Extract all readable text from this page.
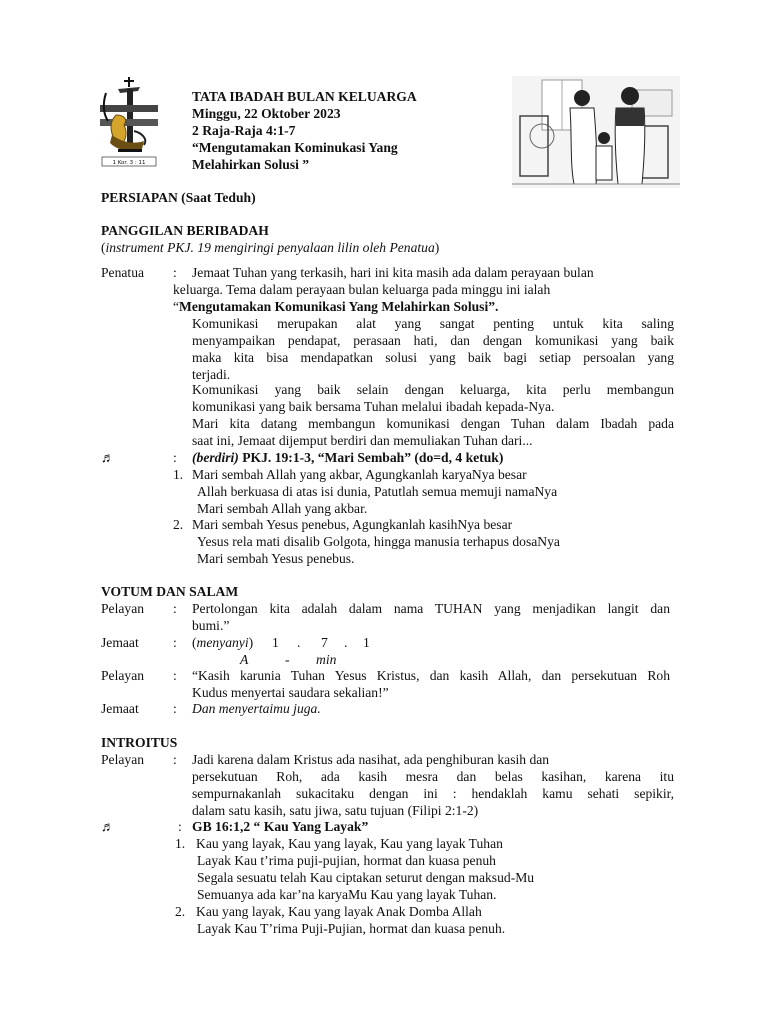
1 Kor. 3 : 11
TATA IBADAH BULAN KELUARGA
Minggu, 22 Oktober 2023
2 Raja-Raja 4:1-7
“Mengutamakan Kominukasi Yang
Melahirkan Solusi ”
PERSIAPAN (Saat Teduh)
PANGGILAN BERIBADAH
(instrument PKJ. 19 mengiringi penyalaan lilin oleh Penatua)
Penatua : Jemaat Tuhan yang terkasih, hari ini kita masih ada dalam perayaan bulan
keluarga. Tema dalam perayaan bulan keluarga pada minggu ini ialah
“Mengutamakan Komunikasi Yang Melahirkan Solusi”.
Komunikasi merupakan alat yang sangat penting untuk kita saling
menyampaikan pendapat, perasaan hati, dan dengan komunikasi yang baik
maka kita bisa mendapatkan solusi yang baik bagi setiap persoalan yang
terjadi.
Komunikasi yang baik selain dengan keluarga, kita perlu membangun
komunikasi yang baik bersama Tuhan melalui ibadah kepada-Nya.
Mari kita datang membangun komunikasi dengan Tuhan dalam Ibadah pada
saat ini, Jemaat dijemput berdiri dan memuliakan Tuhan dari...
♬	: (berdiri) PKJ. 19:1-3, “Mari Sembah” (do=d, 4 ketuk)
1. Mari sembah Allah yang akbar, Agungkanlah karyaNya besar
Allah berkuasa di atas isi dunia, Patutlah semua memuji namaNya
Mari sembah Allah yang akbar.
2. Mari sembah Yesus penebus, Agungkanlah kasihNya besar
Yesus rela mati disalib Golgota, hingga manusia terhapus dosaNya
Mari sembah Yesus penebus.
VOTUM DAN SALAM
Pelayan : Pertolongan kita adalah dalam nama TUHAN yang menjadikan langit dan
bumi.”
Jemaat	: (menyanyi) 1 . 7 . 1
A	- min
Pelayan : “Kasih karunia Tuhan Yesus Kristus, dan kasih Allah, dan persekutuan Roh
Kudus menyertai saudara sekalian!”
Jemaat	: Dan menyertaimu juga.
INTROITUS
Pelayan : Jadi karena dalam Kristus ada nasihat, ada penghiburan kasih dan
persekutuan Roh, ada kasih mesra dan belas kasihan, karena itu
sempurnakanlah sukacitaku dengan ini : hendaklah kamu sehati sepikir,
dalam satu kasih, satu jiwa, satu tujuan (Filipi 2:1-2)
♬	: GB 16:1,2 “ Kau Yang Layak”
1. Kau yang layak, Kau yang layak, Kau yang layak Tuhan
Layak Kau t’rima puji-pujian, hormat dan kuasa penuh
Segala sesuatu telah Kau ciptakan seturut dengan maksud-Mu
Semuanya ada kar’na karyaMu Kau yang layak Tuhan.
2. Kau yang layak, Kau yang layak Anak Domba Allah
Layak Kau T’rima Puji-Pujian, hormat dan kuasa penuh.
